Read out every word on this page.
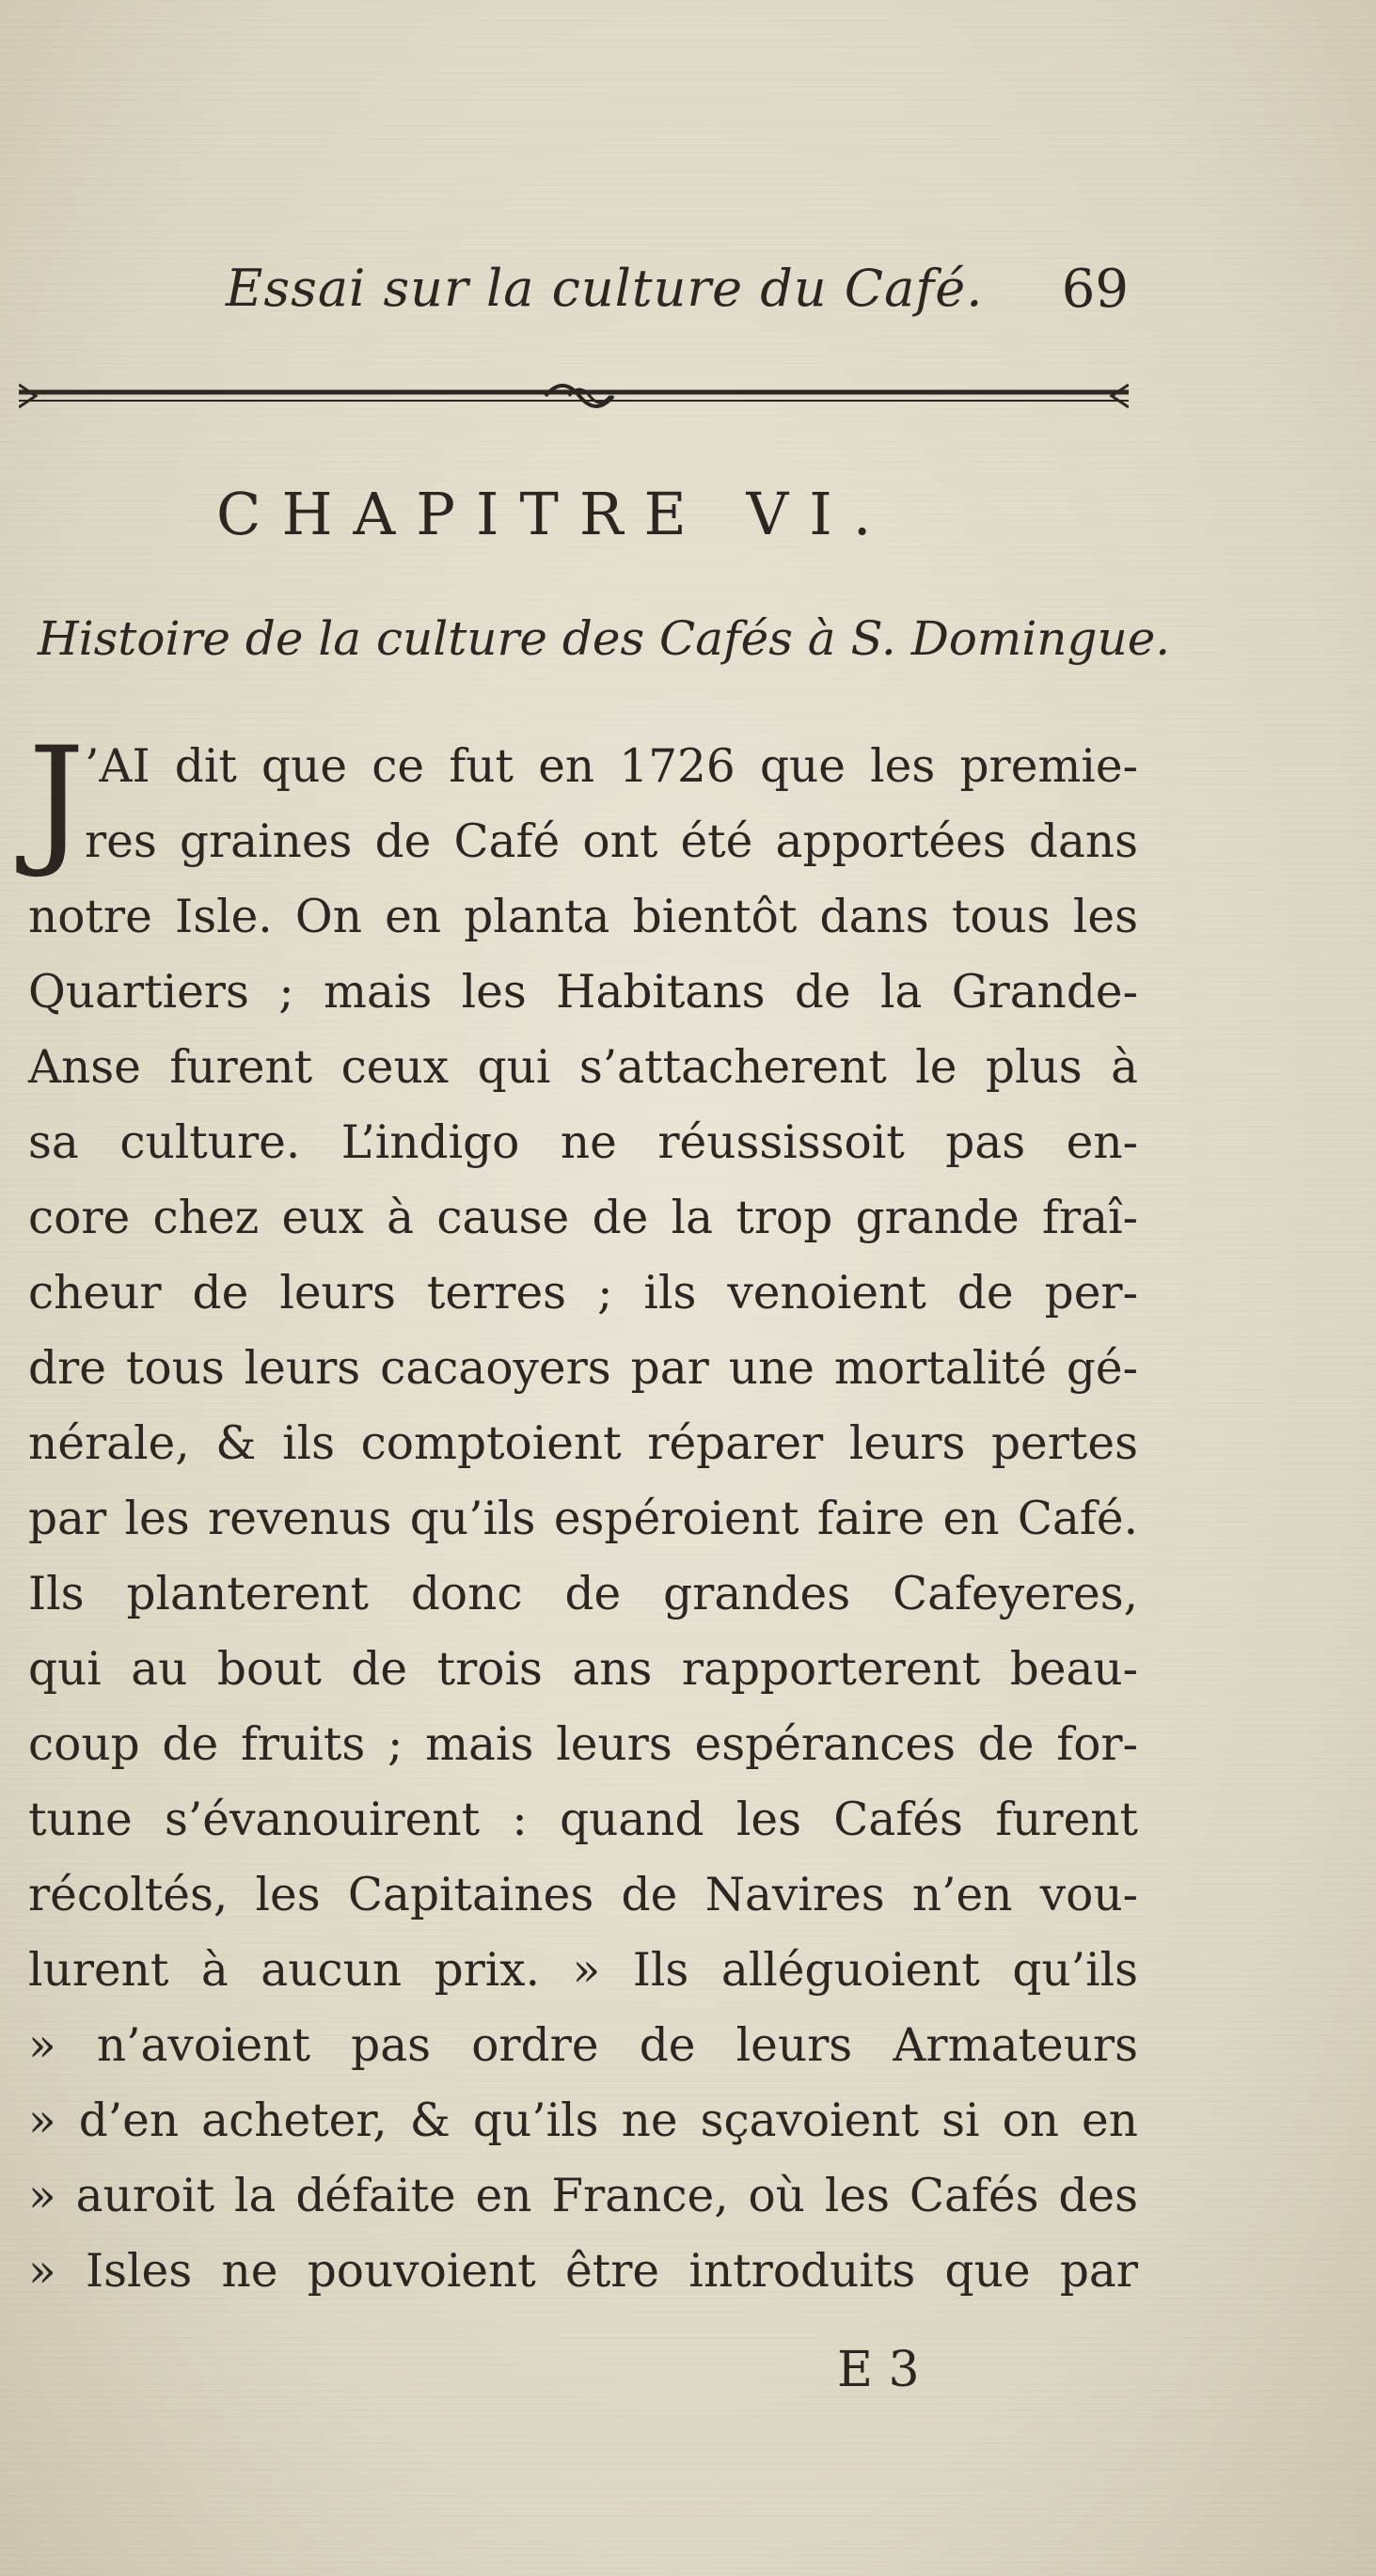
Essai sur la culture du Café. 69
CHAPITRE VI.
Histoire de la culture des Cafés à S. Domingue.
J ’AI dit que ce fut en 1726 que les premie-
res graines de Café ont été apportées dans
notre Isle. On en planta bientôt dans tous les
Quartiers ; mais les Habitans de la Grande-
Anse furent ceux qui s’attacherent le plus à
sa culture. L’indigo ne réussissoit pas en-
core chez eux à cause de la trop grande fraî-
cheur de leurs terres ; ils venoient de per-
dre tous leurs cacaoyers par une mortalité gé-
nérale, & ils comptoient réparer leurs pertes
par les revenus qu’ils espéroient faire en Café.
Ils planterent donc de grandes Cafeyeres,
qui au bout de trois ans rapporterent beau-
coup de fruits ; mais leurs espérances de for-
tune s’évanouirent : quand les Cafés furent
récoltés, les Capitaines de Navires n’en vou-
lurent à aucun prix. » Ils alléguoient qu’ils
» n’avoient pas ordre de leurs Armateurs
» d’en acheter, & qu’ils ne sçavoient si on en
» auroit la défaite en France, où les Cafés des
» Isles ne pouvoient être introduits que par
E 3
